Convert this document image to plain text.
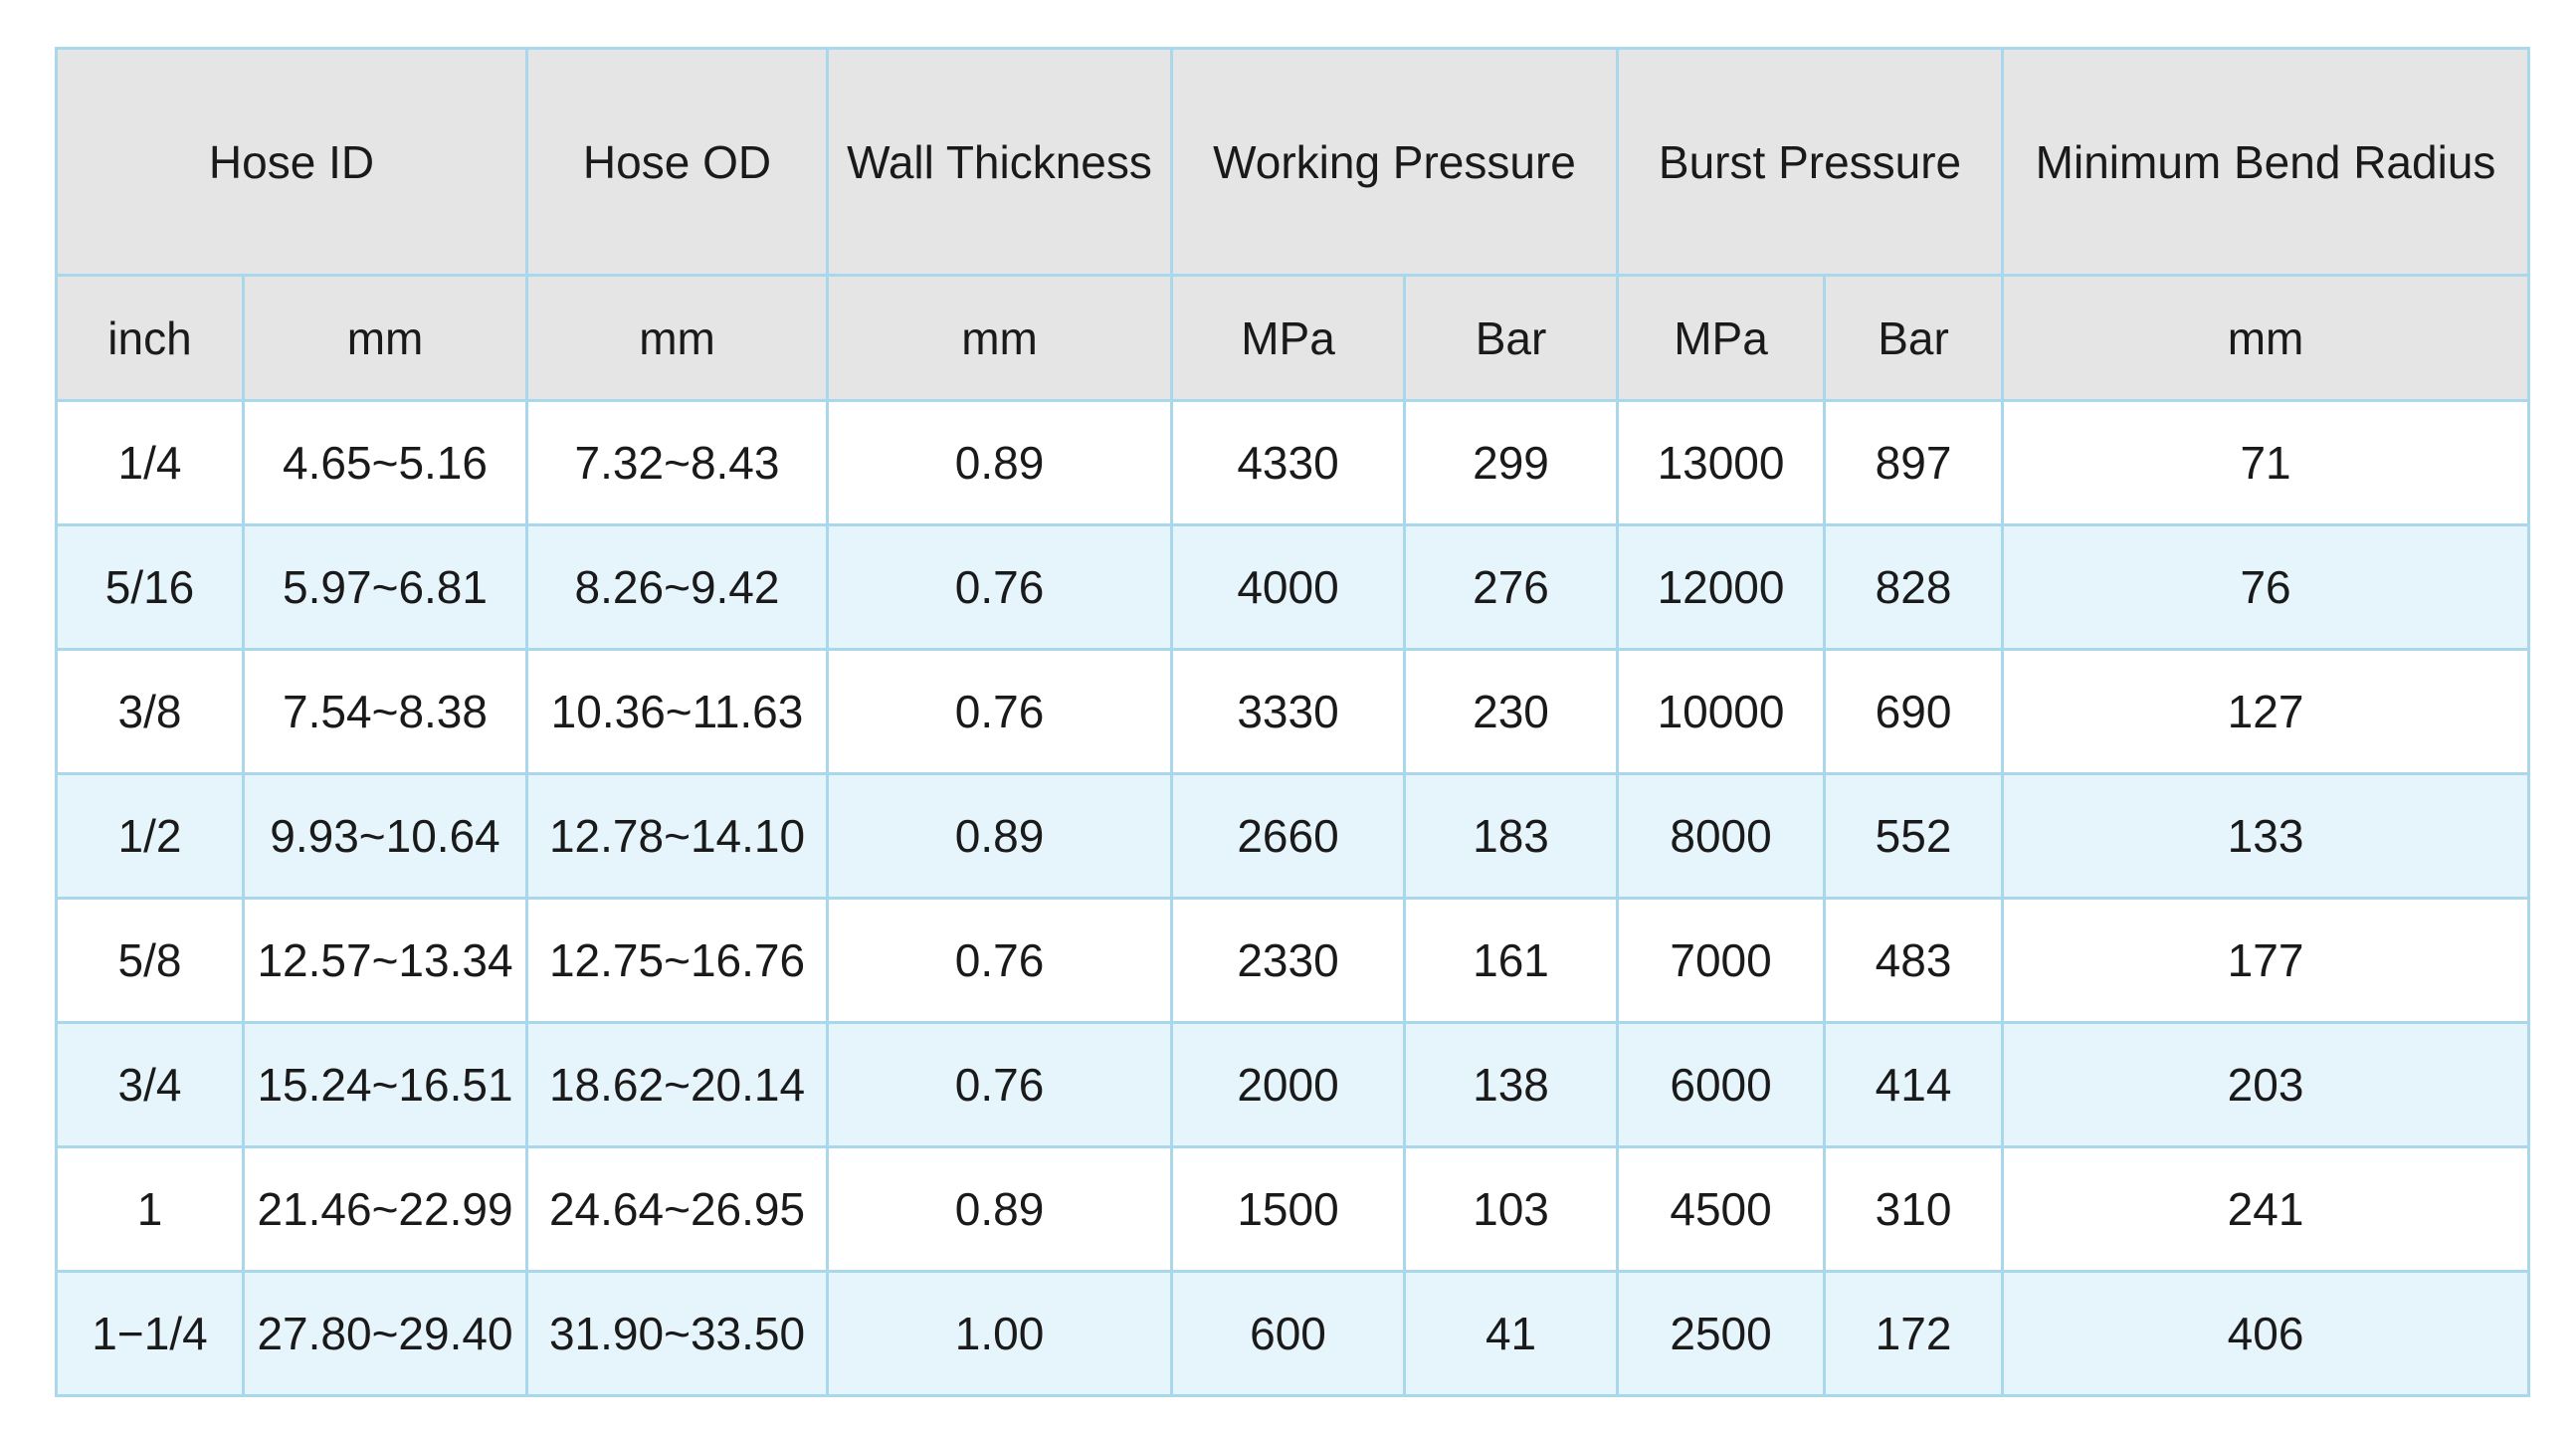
Hose ID		Hose OD	Wall Thickness	Working Pressure		Burst Pressure		Minimum Bend Radius
inch	mm	mm	mm	MPa	Bar	MPa	Bar	mm
1/4	4.65~5.16	7.32~8.43	0.89	4330	299	13000	897	71
5/16	5.97~6.81	8.26~9.42	0.76	4000	276	12000	828	76
3/8	7.54~8.38	10.36~11.63	0.76	3330	230	10000	690	127
1/2	9.93~10.64	12.78~14.10	0.89	2660	183	8000	552	133
5/8	12.57~13.34	12.75~16.76	0.76	2330	161	7000	483	177
3/4	15.24~16.51	18.62~20.14	0.76	2000	138	6000	414	203
1	21.46~22.99	24.64~26.95	0.89	1500	103	4500	310	241
1−1/4	27.80~29.40	31.90~33.50	1.00	600	41	2500	172	406
